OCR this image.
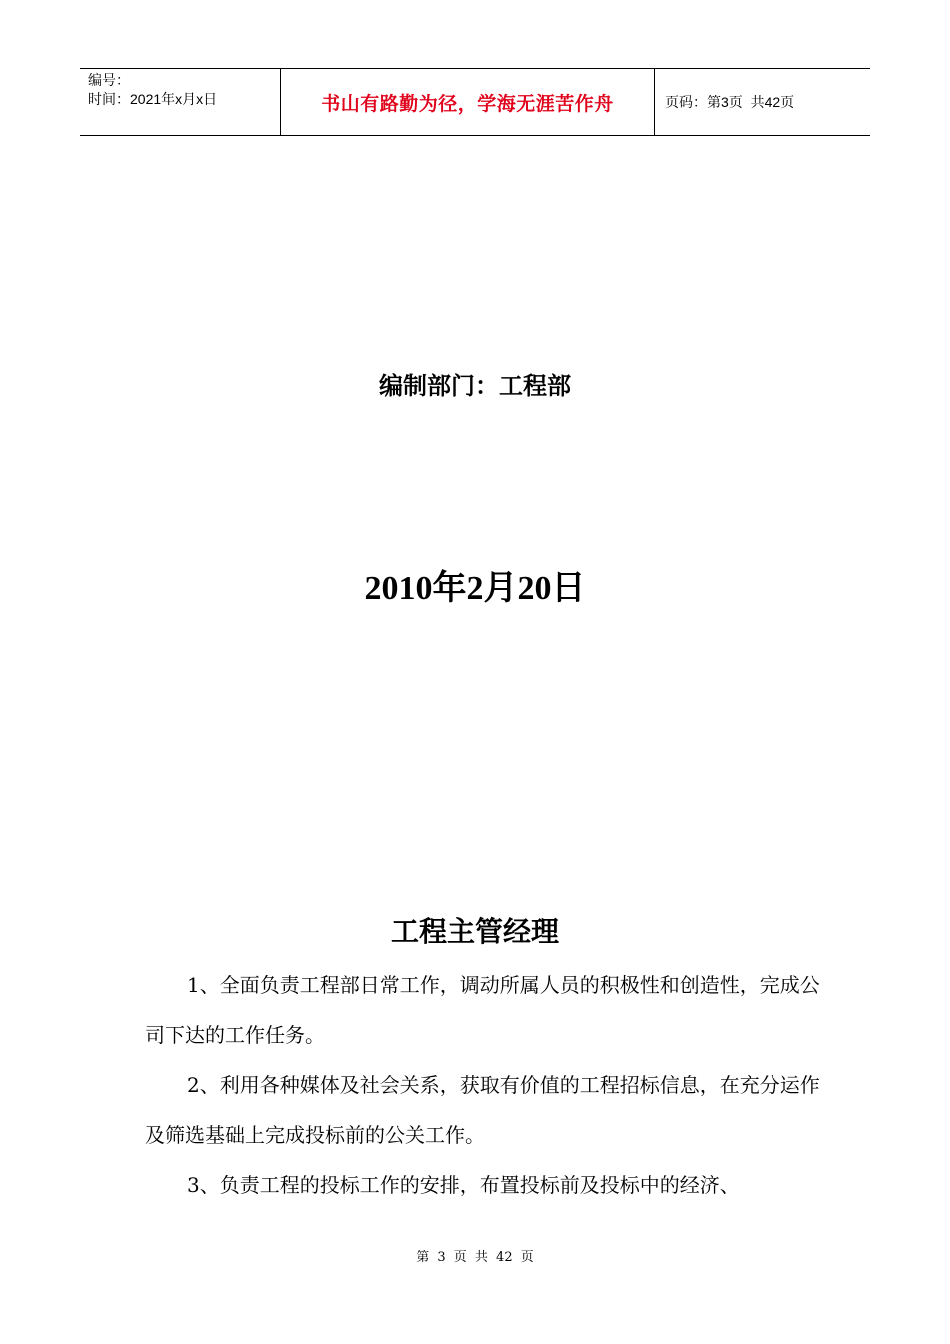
编号：
时间：2021年x月x日	书山有路勤为径，学海无涯苦作舟	页码：第3页  共42页
编制部门：工程部
2010年2月20日
工程主管经理

1、全面负责工程部日常工作，调动所属人员的积极性和创造性，完成公司下达的工作任务。

2、利用各种媒体及社会关系，获取有价值的工程招标信息，在充分运作及筛选基础上完成投标前的公关工作。

3、负责工程的投标工作的安排，布置投标前及投标中的经济、

第 3 页 共 42 页
